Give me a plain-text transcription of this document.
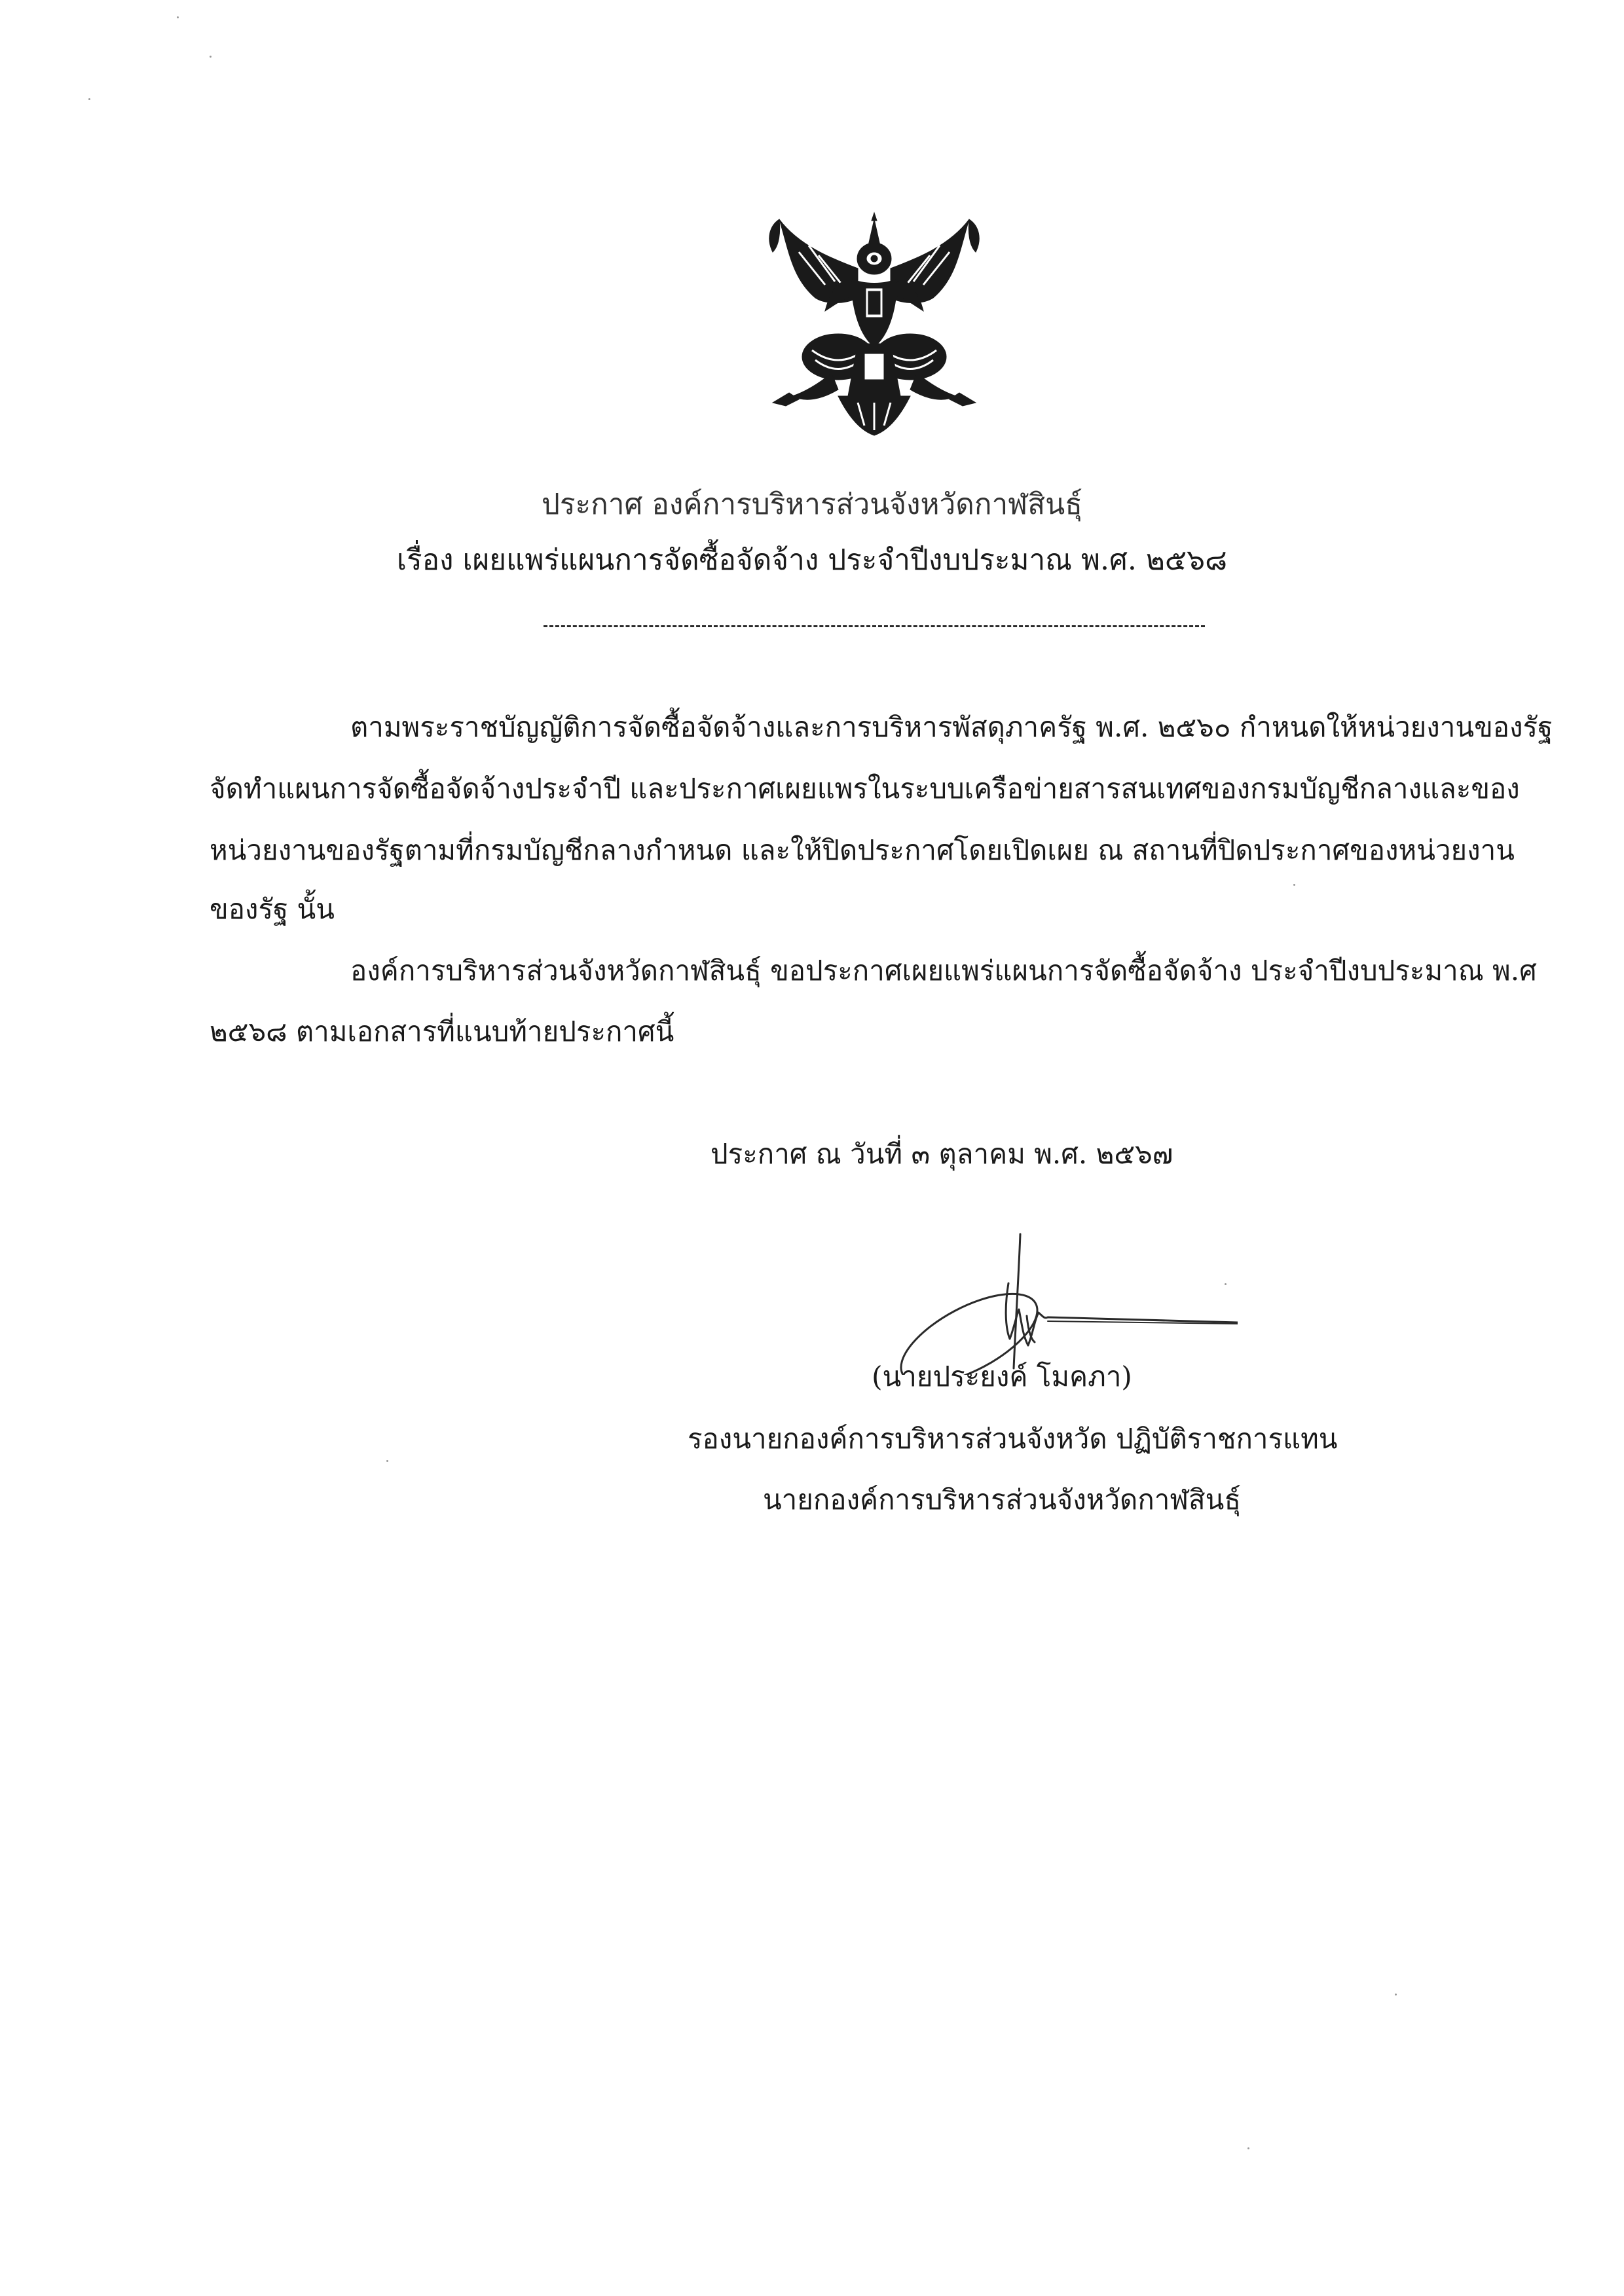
ประกาศ องค์การบริหารส่วนจังหวัดกาฬสินธุ์
เรื่อง เผยแพร่แผนการจัดซื้อจัดจ้าง ประจำปีงบประมาณ พ.ศ. ๒๕๖๘
ตามพระราชบัญญัติการจัดซื้อจัดจ้างและการบริหารพัสดุภาครัฐ พ.ศ. ๒๕๖๐ กำหนดให้หน่วยงานของรัฐ
จัดทำแผนการจัดซื้อจัดจ้างประจำปี และประกาศเผยแพรในระบบเครือข่ายสารสนเทศของกรมบัญชีกลางและของ
หน่วยงานของรัฐตามที่กรมบัญชีกลางกำหนด และให้ปิดประกาศโดยเปิดเผย ณ สถานที่ปิดประกาศของหน่วยงาน
ของรัฐ นั้น
องค์การบริหารส่วนจังหวัดกาฬสินธุ์ ขอประกาศเผยแพร่แผนการจัดซื้อจัดจ้าง ประจำปีงบประมาณ พ.ศ
๒๕๖๘ ตามเอกสารที่แนบท้ายประกาศนี้
ประกาศ ณ วันที่ ๓ ตุลาคม พ.ศ. ๒๕๖๗
(นายประยงค์ โมคภา)
รองนายกองค์การบริหารส่วนจังหวัด ปฏิบัติราชการแทน
นายกองค์การบริหารส่วนจังหวัดกาฬสินธุ์
